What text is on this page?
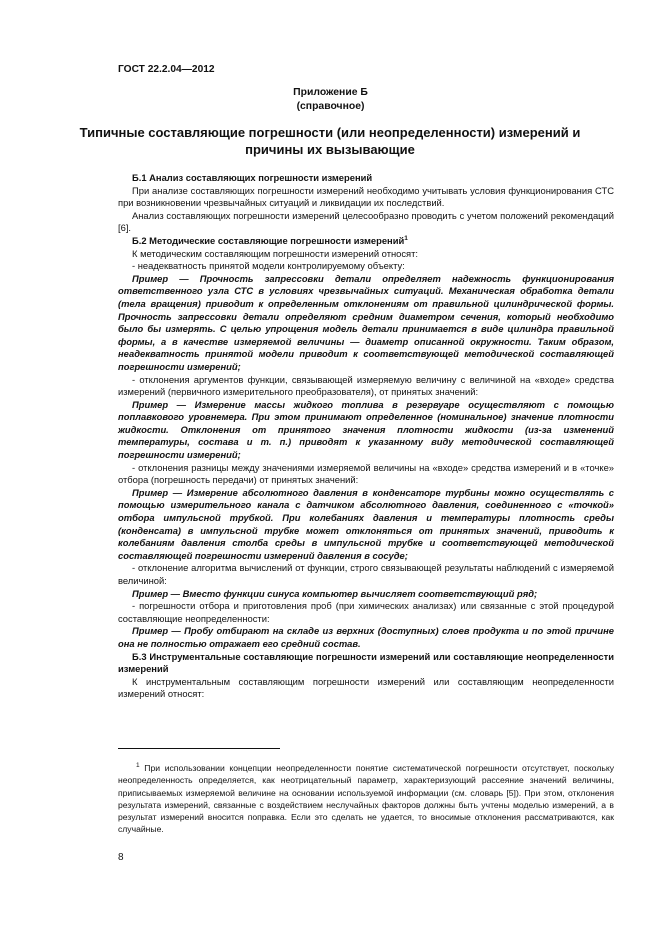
ГОСТ 22.2.04—2012
Приложение Б
(справочное)
Типичные составляющие погрешности (или неопределенности) измерений и причины их вызывающие

Б.1 Анализ составляющих погрешности измерений

При анализе составляющих погрешности измерений необходимо учитывать условия функционирования СТС при возникновении чрезвычайных ситуаций и ликвидации их последствий.

Анализ составляющих погрешности измерений целесообразно проводить с учетом положений рекомендаций [6].

Б.2 Методические составляющие погрешности измерений$^1$

К методическим составляющим погрешности измерений относят:

- неадекватность принятой модели контролируемому объекту:

Пример — Прочность запрессовки детали определяет надежность функционирования ответственного узла СТС в условиях чрезвычайных ситуаций. Механическая обработка детали (тела вращения) приводит к определенным отклонениям от правильной цилиндрической формы. Прочность запрессовки детали определяют средним диаметром сечения, который необходимо было бы измерять. С целью упрощения модель детали принимается в виде цилиндра правильной формы, а в качестве измеряемой величины — диаметр описанной окружности. Таким образом, неадекватность принятой модели приводит к соответствующей методической составляющей погрешности измерений;

- отклонения аргументов функции, связывающей измеряемую величину с величиной на «входе» средства измерений (первичного измерительного преобразователя), от принятых значений:

Пример — Измерение массы жидкого топлива в резервуаре осуществляют с помощью поплавкового уровнемера. При этом принимают определенное (номинальное) значение плотности жидкости. Отклонения от принятого значения плотности жидкости (из-за изменений температуры, состава и т. п.) приводят к указанному виду методической составляющей погрешности измерений;

- отклонения разницы между значениями измеряемой величины на «входе» средства измерений и в «точке» отбора (погрешность передачи) от принятых значений:

Пример — Измерение абсолютного давления в конденсаторе турбины можно осуществлять с помощью измерительного канала с датчиком абсолютного давления, соединенного с «точкой» отбора импульсной трубкой. При колебаниях давления и температуры плотность среды (конденсата) в импульсной трубке может отклоняться от принятых значений, приводить к колебаниям давления столба среды в импульсной трубке и соответствующей методической составляющей погрешности измерений давления в сосуде;

- отклонение алгоритма вычислений от функции, строго связывающей результаты наблюдений с измеряемой величиной:

Пример — Вместо функции синуса компьютер вычисляет соответствующий ряд;

- погрешности отбора и приготовления проб (при химических анализах) или связанные с этой процедурой составляющие неопределенности:

Пример — Пробу отбирают на складе из верхних (доступных) слоев продукта и по этой причине она не полностью отражает его средний состав.

Б.3 Инструментальные составляющие погрешности измерений или составляющие неопределенности измерений

К инструментальным составляющим погрешности измерений или составляющим неопределенности измерений относят:

$^1$ При использовании концепции неопределенности понятие систематической погрешности отсутствует, поскольку неопределенность определяется, как неотрицательный параметр, характеризующий рассеяние значений величины, приписываемых измеряемой величине на основании используемой информации (см. словарь [5]). При этом, отклонения результата измерений, связанные с воздействием неслучайных факторов должны быть учтены моделью измерений, а в результат измерений вносится поправка. Если это сделать не удается, то вносимые отклонения рассматриваются, как случайные.

8
